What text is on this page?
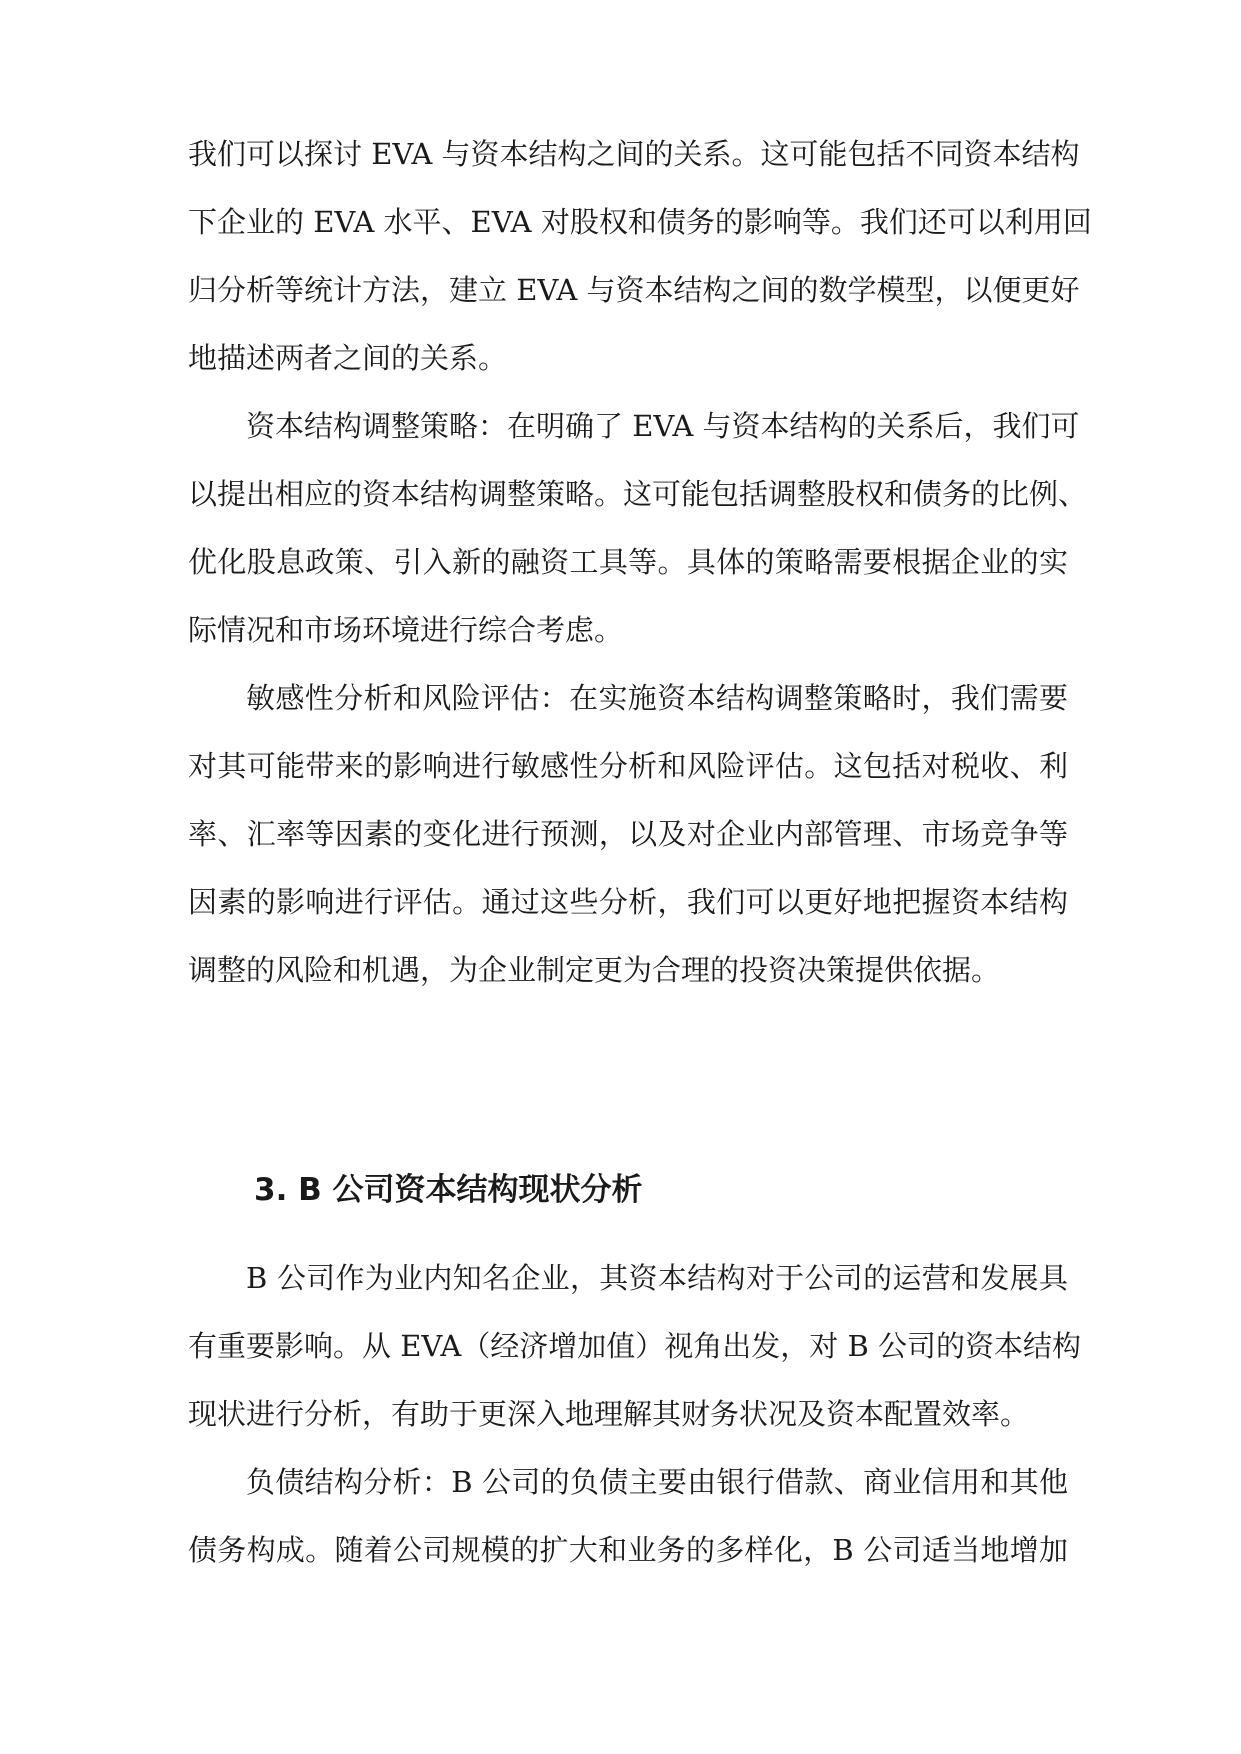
我们可以探讨 EVA 与资本结构之间的关系。这可能包括不同资本结构
下企业的 EVA 水平、EVA 对股权和债务的影响等。我们还可以利用回
归分析等统计方法，建立 EVA 与资本结构之间的数学模型，以便更好
地描述两者之间的关系。
资本结构调整策略：在明确了 EVA 与资本结构的关系后，我们可
以提出相应的资本结构调整策略。这可能包括调整股权和债务的比例、
优化股息政策、引入新的融资工具等。具体的策略需要根据企业的实
际情况和市场环境进行综合考虑。
敏感性分析和风险评估：在实施资本结构调整策略时，我们需要
对其可能带来的影响进行敏感性分析和风险评估。这包括对税收、利
率、汇率等因素的变化进行预测，以及对企业内部管理、市场竞争等
因素的影响进行评估。通过这些分析，我们可以更好地把握资本结构
调整的风险和机遇，为企业制定更为合理的投资决策提供依据。
3. B 公司资本结构现状分析
B 公司作为业内知名企业，其资本结构对于公司的运营和发展具
有重要影响。从 EVA（经济增加值）视角出发，对 B 公司的资本结构
现状进行分析，有助于更深入地理解其财务状况及资本配置效率。
负债结构分析：B 公司的负债主要由银行借款、商业信用和其他
债务构成。随着公司规模的扩大和业务的多样化，B 公司适当地增加
